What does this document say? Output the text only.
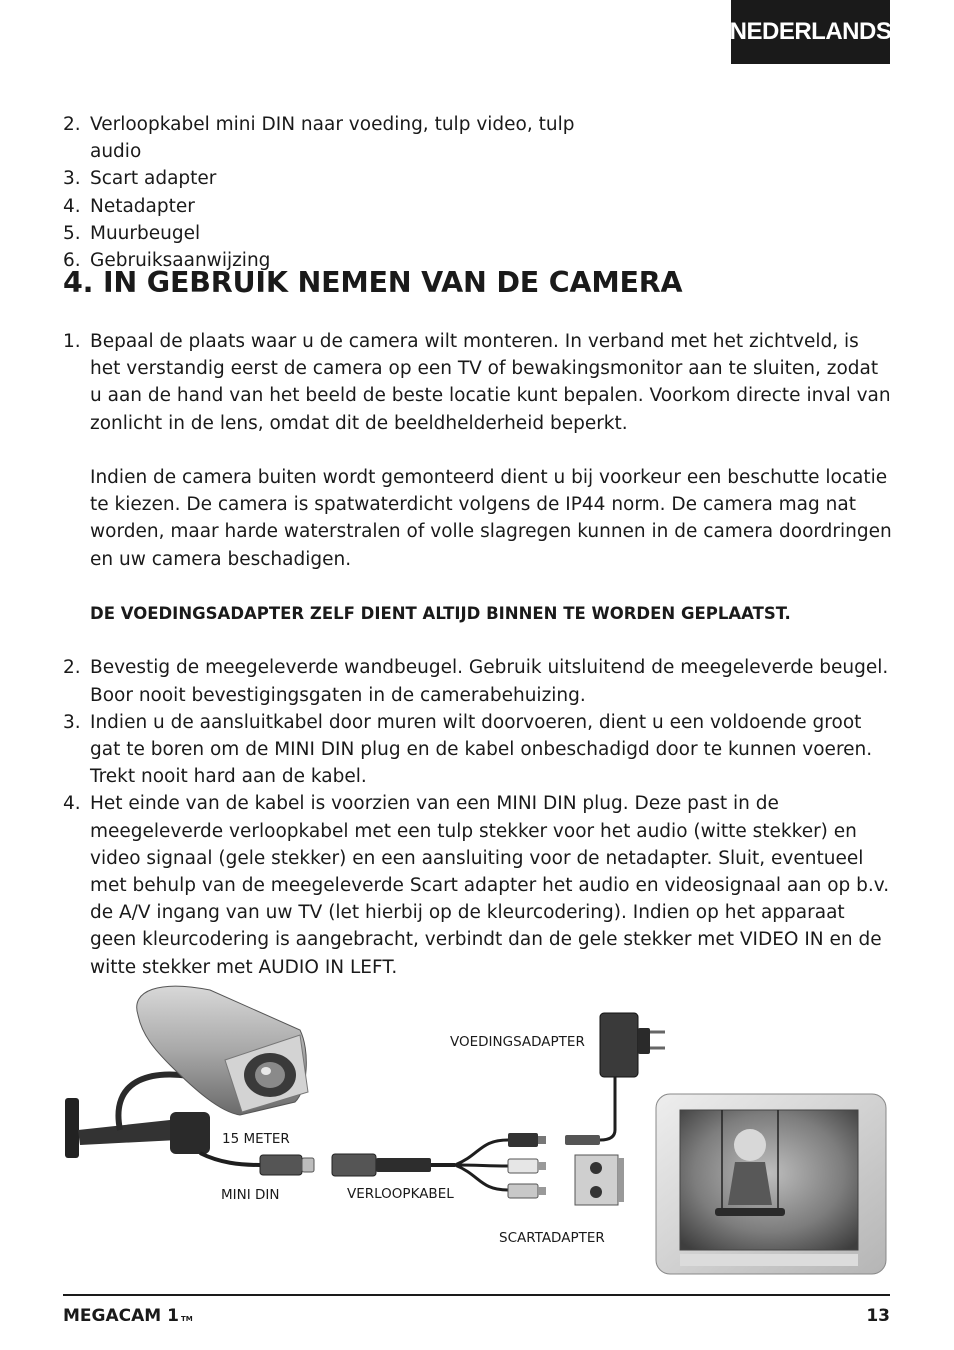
NEDERLANDS
2. Verloopkabel mini DIN naar voeding, tulp video, tulp audio
3. Scart adapter
4. Netadapter
5. Muurbeugel
6. Gebruiksaanwijzing
4. IN GEBRUIK NEMEN VAN DE CAMERA
1. Bepaal de plaats waar u de camera wilt monteren. In verband met het zichtveld, is het verstandig eerst de camera op een TV of bewakingsmonitor aan te sluiten, zodat u aan de hand van het beeld de beste locatie kunt bepalen. Voorkom directe inval van zonlicht in de lens, omdat dit de beeldhelderheid beperkt.

Indien de camera buiten wordt gemonteerd dient u bij voorkeur een beschutte locatie te kiezen. De camera is spatwaterdicht volgens de IP44 norm. De camera mag nat worden, maar harde waterstralen of volle slagregen kunnen in de camera doordringen en uw camera beschadigen.

DE VOEDINGSADAPTER ZELF DIENT ALTIJD BINNEN TE WORDEN GEPLAATST.

2. Bevestig de meegeleverde wandbeugel. Gebruik uitsluitend de meegeleverde beugel. Boor nooit bevestigingsgaten in de camerabehuizing.

3. Indien u de aansluitkabel door muren wilt doorvoeren, dient u een voldoende groot gat te boren om de MINI DIN plug en de kabel onbeschadigd door te kunnen voeren. Trekt nooit hard aan de kabel.

4. Het einde van de kabel is voorzien van een MINI DIN plug. Deze past in de meegeleverde verloopkabel met een tulp stekker voor het audio (witte stekker) en video signaal (gele stekker) en een aansluiting voor de netadapter. Sluit, eventueel met behulp van de meegeleverde Scart adapter het audio en videosignaal aan op b.v. de A/V ingang van uw TV (let hierbij op de kleurcodering). Indien op het apparaat geen kleurcodering is aangebracht, verbindt dan de gele stekker met VIDEO IN en de witte stekker met AUDIO IN LEFT.

VOEDINGSADAPTER
15 METER
MINI DIN	VERLOOPKABEL
SCARTADAPTER
MEGACAM 1 TM	13
